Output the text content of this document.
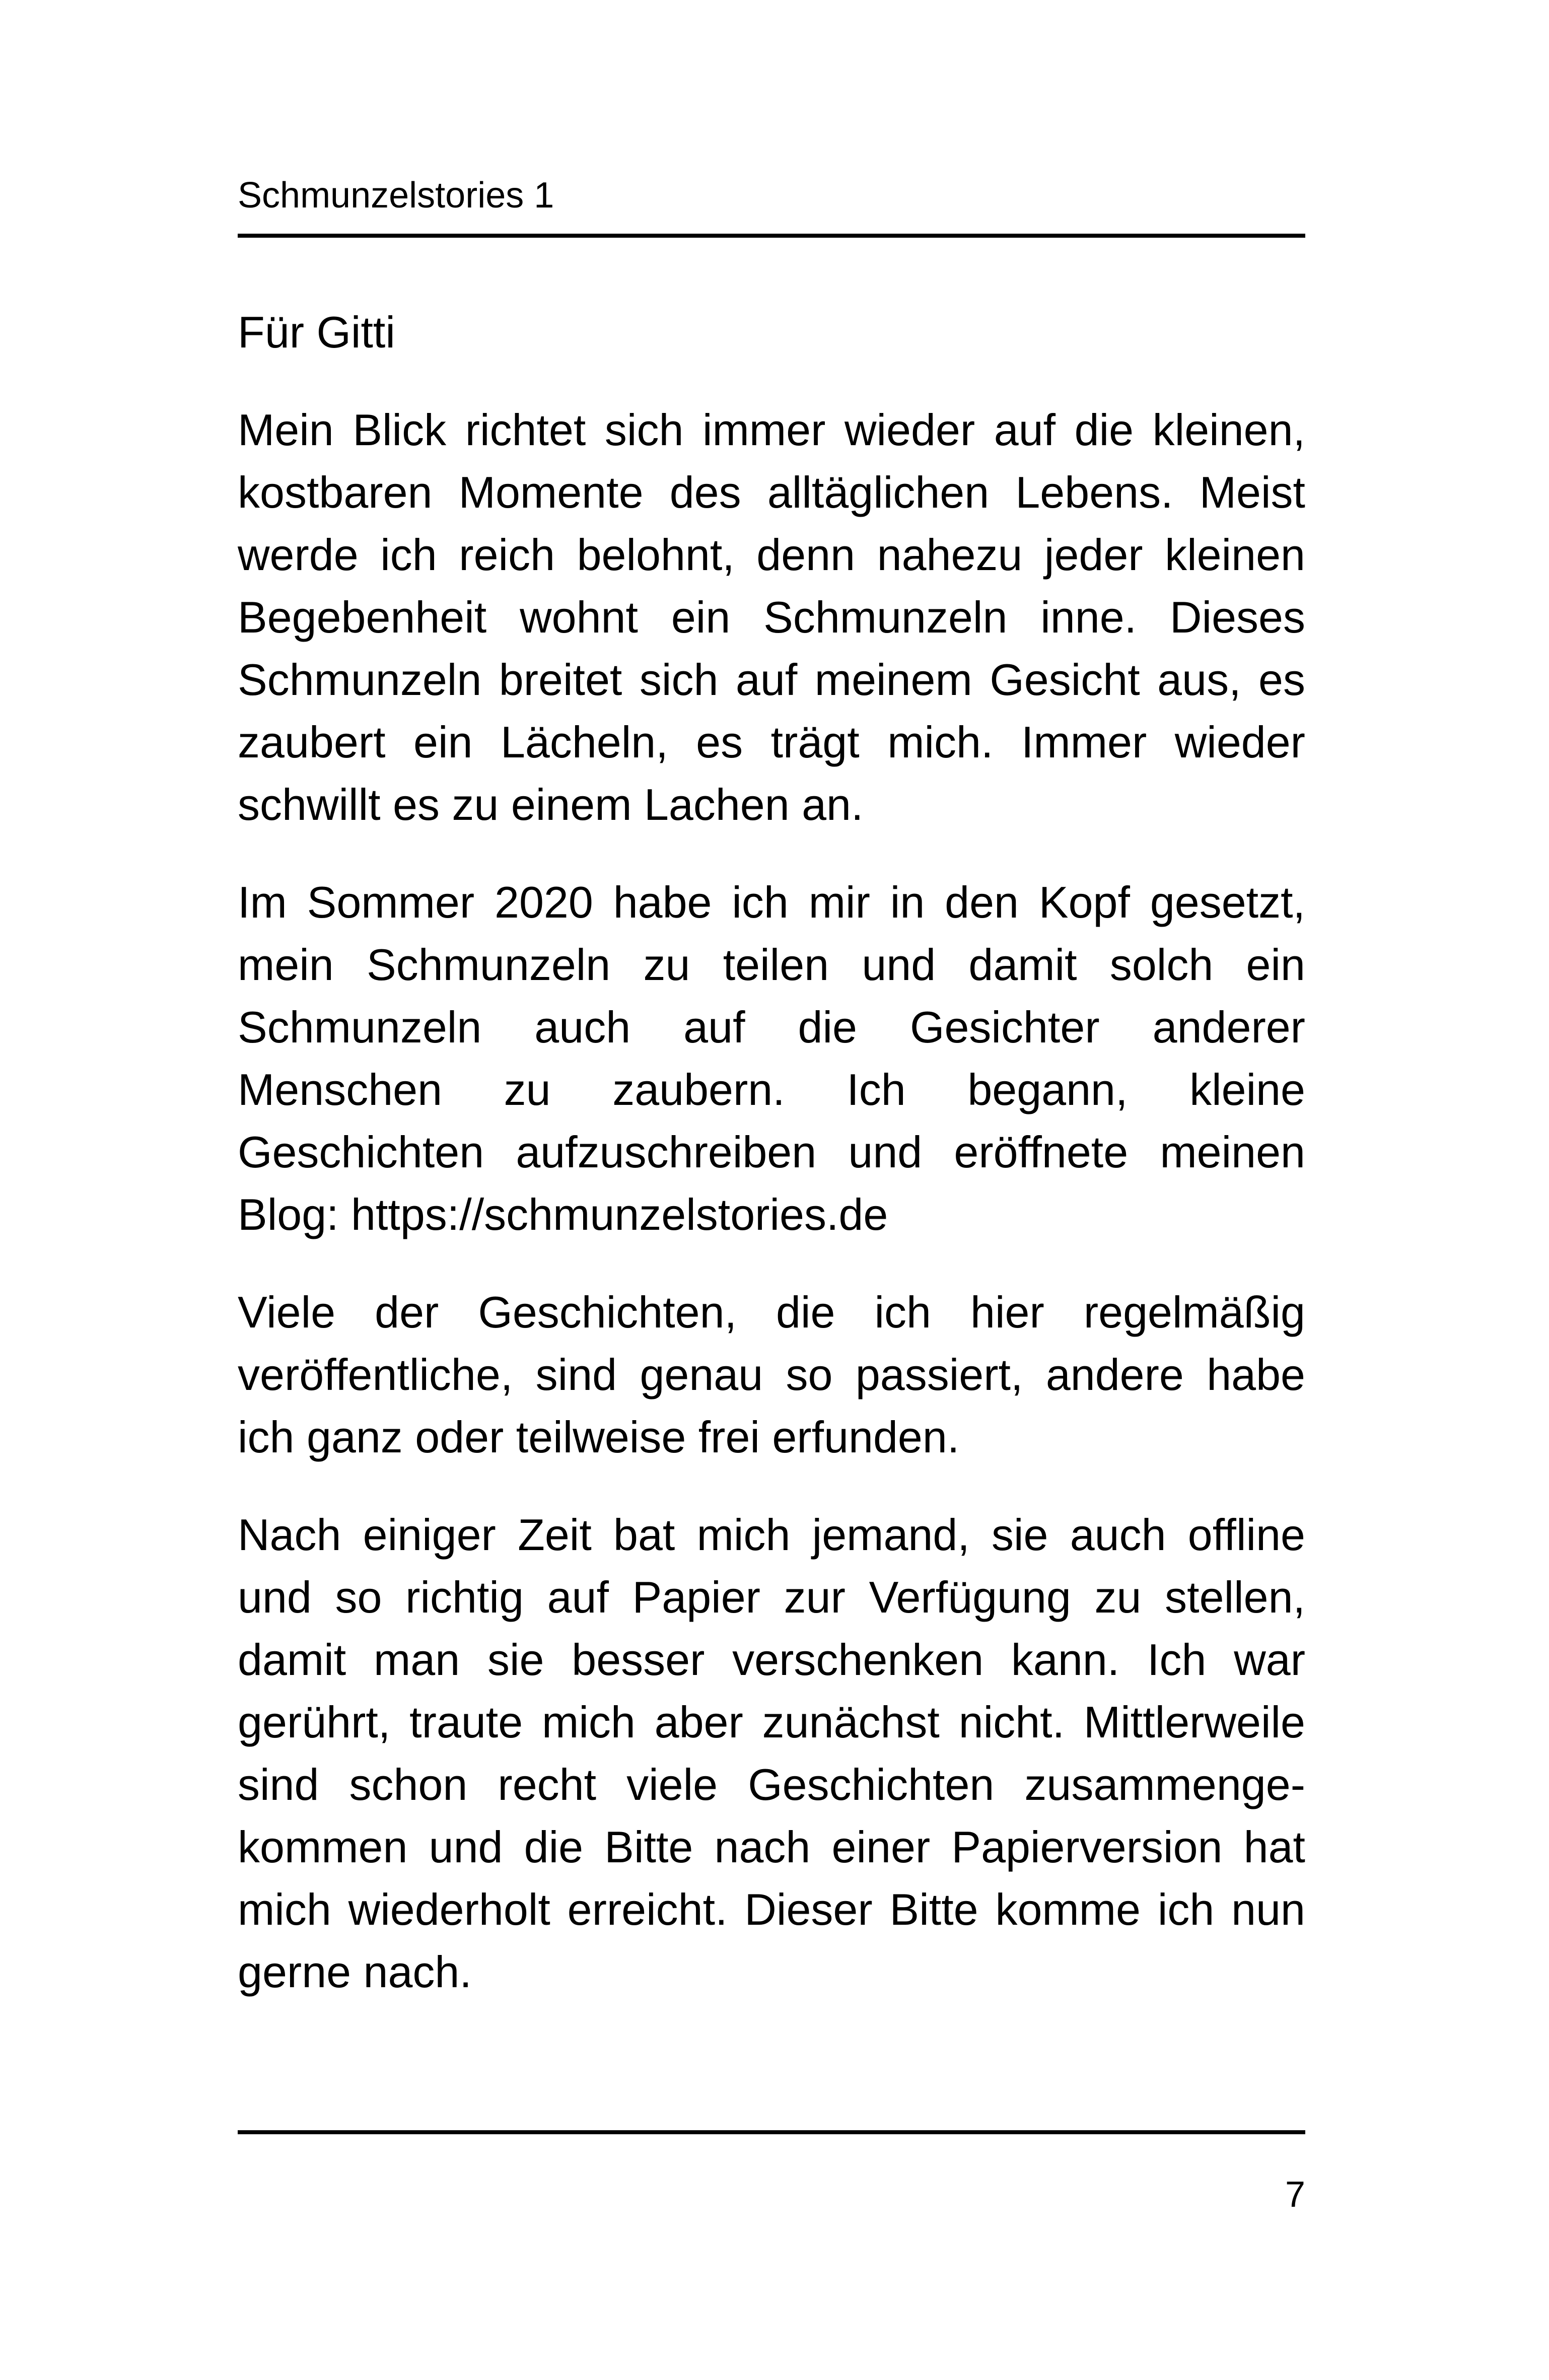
Schmunzelstories 1

Für Gitti

Mein Blick richtet sich immer wieder auf die kleinen, kostbaren Momente des alltäglichen Lebens. Meist werde ich reich belohnt, denn nahezu jeder kleinen Begebenheit wohnt ein Schmunzeln inne. Dieses Schmunzeln breitet sich auf meinem Gesicht aus, es zaubert ein Lächeln, es trägt mich. Immer wieder schwillt es zu einem Lachen an.

Im Sommer 2020 habe ich mir in den Kopf gesetzt, mein Schmunzeln zu teilen und damit solch ein Schmunzeln auch auf die Gesichter anderer Menschen zu zaubern. Ich begann, kleine Geschichten aufzuschreiben und eröffnete meinen Blog: https://schmunzelstories.de

Viele der Geschichten, die ich hier regelmäßig veröffentliche, sind genau so passiert, andere habe ich ganz oder teilweise frei erfunden.

Nach einiger Zeit bat mich jemand, sie auch offline und so richtig auf Papier zur Verfügung zu stellen, damit man sie besser verschenken kann. Ich war gerührt, traute mich aber zunächst nicht. Mittlerweile sind schon recht viele Geschichten zusammengekommen und die Bitte nach einer Papierversion hat mich wiederholt erreicht. Dieser Bitte komme ich nun gerne nach.

7
